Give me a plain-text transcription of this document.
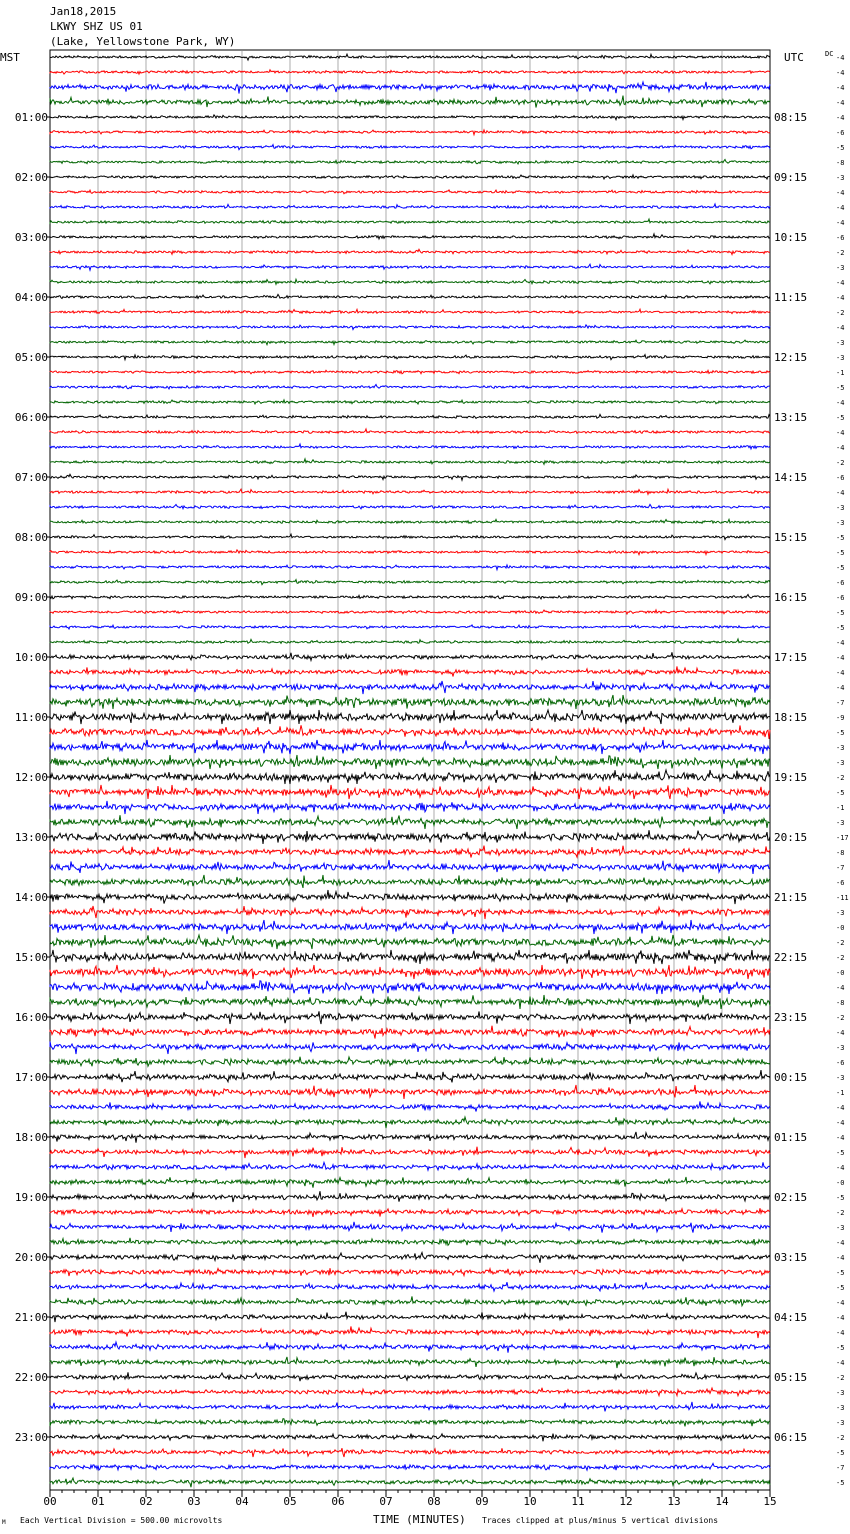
Jan18,2015
LKWY SHZ US 01
(Lake, Yellowstone Park, WY)
00	01	02	03	04	05	06	07	08	09	10	11	12	13	14	15
01:00
02:00
03:00
04:00
05:00
06:00
07:00
08:00
09:00
10:00
11:00
12:00
13:00
14:00
15:00
16:00
17:00
18:00
19:00
20:00
21:00
22:00
23:00
08:15
09:15
10:15
11:15
12:15
13:15
14:15
15:15
16:15
17:15
18:15
19:15
20:15
21:15
22:15
23:15
00:15
01:15
02:15
03:15
04:15
05:15
06:15
MST	UTC	DC -4
-4
-4
-4
-4
-6
-5
-8
-3
-4
-4
-4
-6
-2
-3
-4
-4
-2
-4
-3
-3
-1
-5
-4
-5
-4
-4
-2
-6
-4
-3
-3
-5
-5
-5
-6
-6
-5
-5
-4
-4
-4
-4
-7
-9
-5
-3
-3
-2
-5
-1
-3
-17
-8
-7
-6
-11
-3
-0
-2
-2
-0
-4
-8
-2
-4
-3
-6
-3
-1
-4
-4
-4
-5
-4
-0
-5
-2
-3
-4
-4
-5
-5
-4
-4
-4
-5
-4
-2
-3
-3
-3
-2
-5
-7
-5
M Each Vertical Division = 500.00 microvolts	TIME (MINUTES) Traces clipped at plus/minus 5 vertical divisions
